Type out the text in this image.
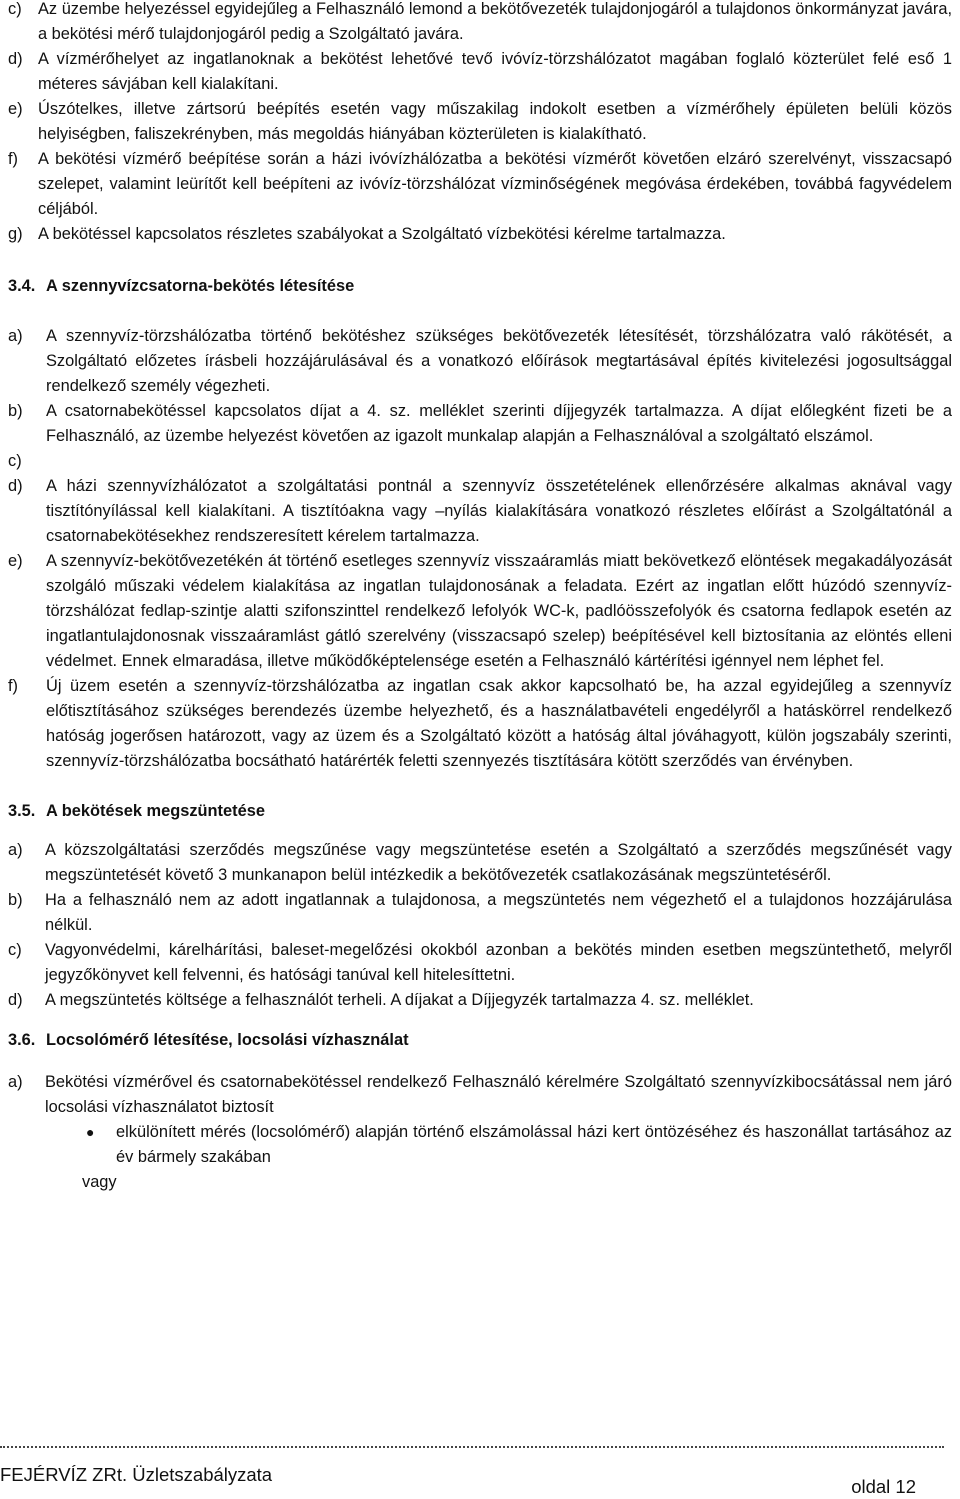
c) Az üzembe helyezéssel egyidejűleg a Felhasználó lemond a bekötővezeték tulajdonjogáról a tulajdonos önkormányzat javára, a bekötési mérő tulajdonjogáról pedig a Szolgáltató javára.
d) A vízmérőhelyet az ingatlanoknak a bekötést lehetővé tevő ivóvíz-törzshálózatot magában foglaló közterület felé eső 1 méteres sávjában kell kialakítani.
e) Úszótelkes, illetve zártsorú beépítés esetén vagy műszakilag indokolt esetben a vízmérőhely épületen belüli közös helyiségben, faliszekrényben, más megoldás hiányában közterületen is kialakítható.
f)	A bekötési vízmérő beépítése során a házi ivóvízhálózatba a bekötési vízmérőt követően elzáró szerelvényt, visszacsapó szelepet, valamint leürítőt kell beépíteni az ivóvíz-törzshálózat vízminőségének megóvása érdekében, továbbá fagyvédelem céljából.
g) A bekötéssel kapcsolatos részletes szabályokat a Szolgáltató vízbekötési kérelme tartalmazza.
3.4. A szennyvízcsatorna-bekötés létesítése
a)	A szennyvíz-törzshálózatba történő bekötéshez szükséges bekötővezeték létesítését, törzshálózatra való rákötését, a Szolgáltató előzetes írásbeli hozzájárulásával és a vonatkozó előírások megtartásával építés kivitelezési jogosultsággal rendelkező személy végezheti.
b)	A csatornabekötéssel kapcsolatos díjat a 4. sz. melléklet szerinti díjjegyzék tartalmazza. A díjat előlegként fizeti be a Felhasználó, az üzembe helyezést követően az igazolt munkalap alapján a Felhasználóval a szolgáltató elszámol.
c)
d)	A házi szennyvízhálózatot a szolgáltatási pontnál a szennyvíz összetételének ellenőrzésére alkalmas aknával vagy tisztítónyílással kell kialakítani. A tisztítóakna vagy –nyílás kialakítására vonatkozó részletes előírást a Szolgáltatónál a csatornabekötésekhez rendszeresített kérelem tartalmazza.
e)	A szennyvíz-bekötővezetékén át történő esetleges szennyvíz visszaáramlás miatt bekövetkező elöntések megakadályozását szolgáló műszaki védelem kialakítása az ingatlan tulajdonosának a feladata. Ezért az ingatlan előtt húzódó szennyvíz-törzshálózat fedlap-szintje alatti szifonszinttel rendelkező lefolyók WC-k, padlóösszefolyók és csatorna fedlapok esetén az ingatlantulajdonosnak visszaáramlást gátló szerelvény (visszacsapó szelep) beépítésével kell biztosítania az elöntés elleni védelmet. Ennek elmaradása, illetve működőképtelensége esetén a Felhasználó kártérítési igénnyel nem léphet fel.
f)	Új üzem esetén a szennyvíz-törzshálózatba az ingatlan csak akkor kapcsolható be, ha azzal egyidejűleg a szennyvíz előtisztításához szükséges berendezés üzembe helyezhető, és a használatbavételi engedélyről a hatáskörrel rendelkező hatóság jogerősen határozott, vagy az üzem és a Szolgáltató között a hatóság által jóváhagyott, külön jogszabály szerinti, szennyvíz-törzshálózatba bocsátható határérték feletti szennyezés tisztítására kötött szerződés van érvényben.
3.5. A bekötések megszüntetése
a)	A közszolgáltatási szerződés megszűnése vagy megszüntetése esetén a Szolgáltató a szerződés megszűnését vagy megszüntetését követő 3 munkanapon belül intézkedik a bekötővezeték csatlakozásának megszüntetéséről.
b)	Ha a felhasználó nem az adott ingatlannak a tulajdonosa, a megszüntetés nem végezhető el a tulajdonos hozzájárulása nélkül.
c)	Vagyonvédelmi, kárelhárítási, baleset-megelőzési okokból azonban a bekötés minden esetben megszüntethető, melyről jegyzőkönyvet kell felvenni, és hatósági tanúval kell hitelesíttetni.
d)	A megszüntetés költsége a felhasználót terheli. A díjakat a Díjjegyzék tartalmazza 4. sz. melléklet.
3.6. Locsolómérő létesítése, locsolási vízhasználat
a)	Bekötési vízmérővel és csatornabekötéssel rendelkező Felhasználó kérelmére Szolgáltató szennyvízkibocsátással nem járó locsolási vízhasználatot biztosít
●	elkülönített mérés (locsolómérő) alapján történő elszámolással házi kert öntözéséhez és haszonállat tartásához az év bármely szakában
vagy
FEJÉRVÍZ ZRt. Üzletszabályzata
oldal 12
